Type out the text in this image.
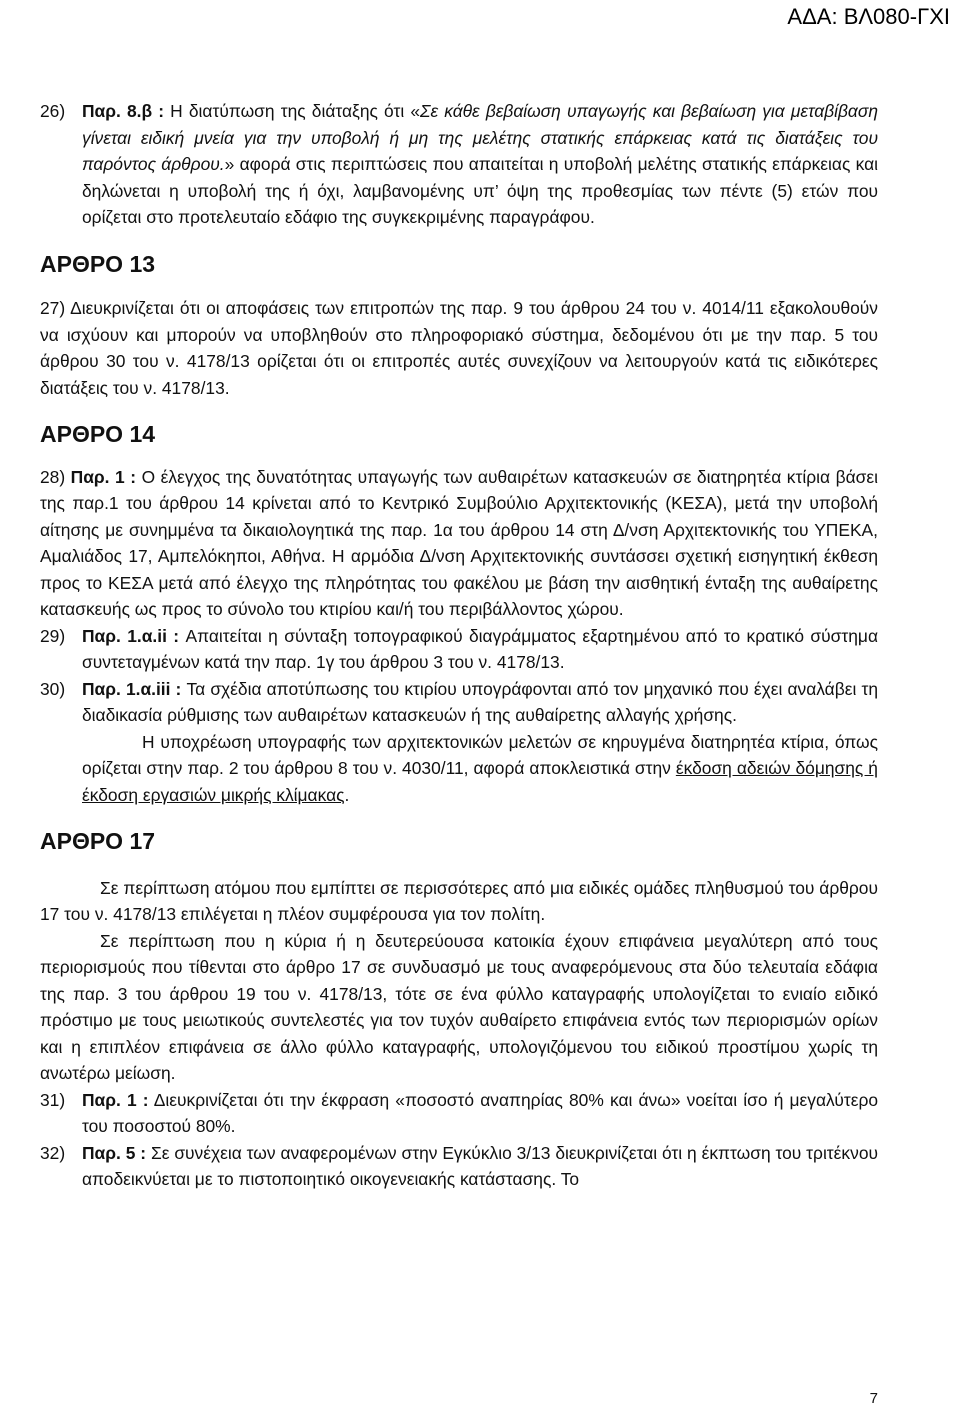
ΑΔΑ: ΒΛ080-ΓΧΙ
26) Παρ. 8.β : Η διατύπωση της διάταξης ότι «Σε κάθε βεβαίωση υπαγωγής και βεβαίωση για μεταβίβαση γίνεται ειδική μνεία για την υποβολή ή μη της μελέτης στατικής επάρκειας κατά τις διατάξεις του παρόντος άρθρου.» αφορά στις περιπτώσεις που απαιτείται η υποβολή μελέτης στατικής επάρκειας και δηλώνεται η υποβολή της ή όχι, λαμβανομένης υπ’ όψη της προθεσμίας των πέντε (5) ετών που ορίζεται στο προτελευταίο εδάφιο της συγκεκριμένης παραγράφου.

ΑΡΘΡΟ 13

27) Διευκρινίζεται ότι οι αποφάσεις των επιτροπών της παρ. 9 του άρθρου 24 του ν. 4014/11 εξακολουθούν να ισχύουν και μπορούν να υποβληθούν στο πληροφοριακό σύστημα, δεδομένου ότι με την παρ. 5 του άρθρου 30 του ν. 4178/13 ορίζεται ότι οι επιτροπές αυτές συνεχίζουν να λειτουργούν κατά τις ειδικότερες διατάξεις του ν. 4178/13.

ΑΡΘΡΟ 14

28) Παρ. 1 : Ο έλεγχος της δυνατότητας υπαγωγής των αυθαιρέτων κατασκευών σε διατηρητέα κτίρια βάσει της παρ.1 του άρθρου 14 κρίνεται από το Κεντρικό Συμβούλιο Αρχιτεκτονικής (ΚΕΣΑ), μετά την υποβολή αίτησης με συνημμένα τα δικαιολογητικά της παρ. 1α του άρθρου 14 στη Δ/νση Αρχιτεκτονικής του ΥΠΕΚΑ, Αμαλιάδος 17, Αμπελόκηποι, Αθήνα. Η αρμόδια Δ/νση Αρχιτεκτονικής συντάσσει σχετική εισηγητική έκθεση προς το ΚΕΣΑ μετά από έλεγχο της πληρότητας του φακέλου με βάση την αισθητική ένταξη της αυθαίρετης κατασκευής ως προς το σύνολο του κτιρίου και/ή του περιβάλλοντος χώρου.

29) Παρ. 1.α.ii : Απαιτείται η σύνταξη τοπογραφικού διαγράμματος εξαρτημένου από το κρατικό σύστημα συντεταγμένων κατά την παρ. 1γ του άρθρου 3 του ν. 4178/13.

30) Παρ. 1.α.iii : Τα σχέδια αποτύπωσης του κτιρίου υπογράφονται από τον μηχανικό που έχει αναλάβει τη διαδικασία ρύθμισης των αυθαιρέτων κατασκευών ή της αυθαίρετης αλλαγής χρήσης.

Η υποχρέωση υπογραφής των αρχιτεκτονικών μελετών σε κηρυγμένα διατηρητέα κτίρια, όπως ορίζεται στην παρ. 2 του άρθρου 8 του ν. 4030/11, αφορά αποκλειστικά στην έκδοση αδειών δόμησης ή έκδοση εργασιών μικρής κλίμακας.

ΑΡΘΡΟ 17

Σε περίπτωση ατόμου που εμπίπτει σε περισσότερες από μια ειδικές ομάδες πληθυσμού του άρθρου 17 του ν. 4178/13 επιλέγεται η πλέον συμφέρουσα για τον πολίτη.

Σε περίπτωση που η κύρια ή η δευτερεύουσα κατοικία έχουν επιφάνεια μεγαλύτερη από τους περιορισμούς που τίθενται στο άρθρο 17 σε συνδυασμό με τους αναφερόμενους στα δύο τελευταία εδάφια της παρ. 3 του άρθρου 19 του ν. 4178/13, τότε σε ένα φύλλο καταγραφής υπολογίζεται το ενιαίο ειδικό πρόστιμο με τους μειωτικούς συντελεστές για τον τυχόν αυθαίρετο επιφάνεια εντός των περιορισμών ορίων και η επιπλέον επιφάνεια σε άλλο φύλλο καταγραφής, υπολογιζόμενου του ειδικού προστίμου χωρίς τη ανωτέρω μείωση.

31) Παρ. 1 : Διευκρινίζεται ότι την έκφραση «ποσοστό αναπηρίας 80% και άνω» νοείται ίσο ή μεγαλύτερο του ποσοστού 80%.

32) Παρ. 5 : Σε συνέχεια των αναφερομένων στην Εγκύκλιο 3/13 διευκρινίζεται ότι η έκπτωση του τριτέκνου αποδεικνύεται με το πιστοποιητικό οικογενειακής κατάστασης. Το

7
